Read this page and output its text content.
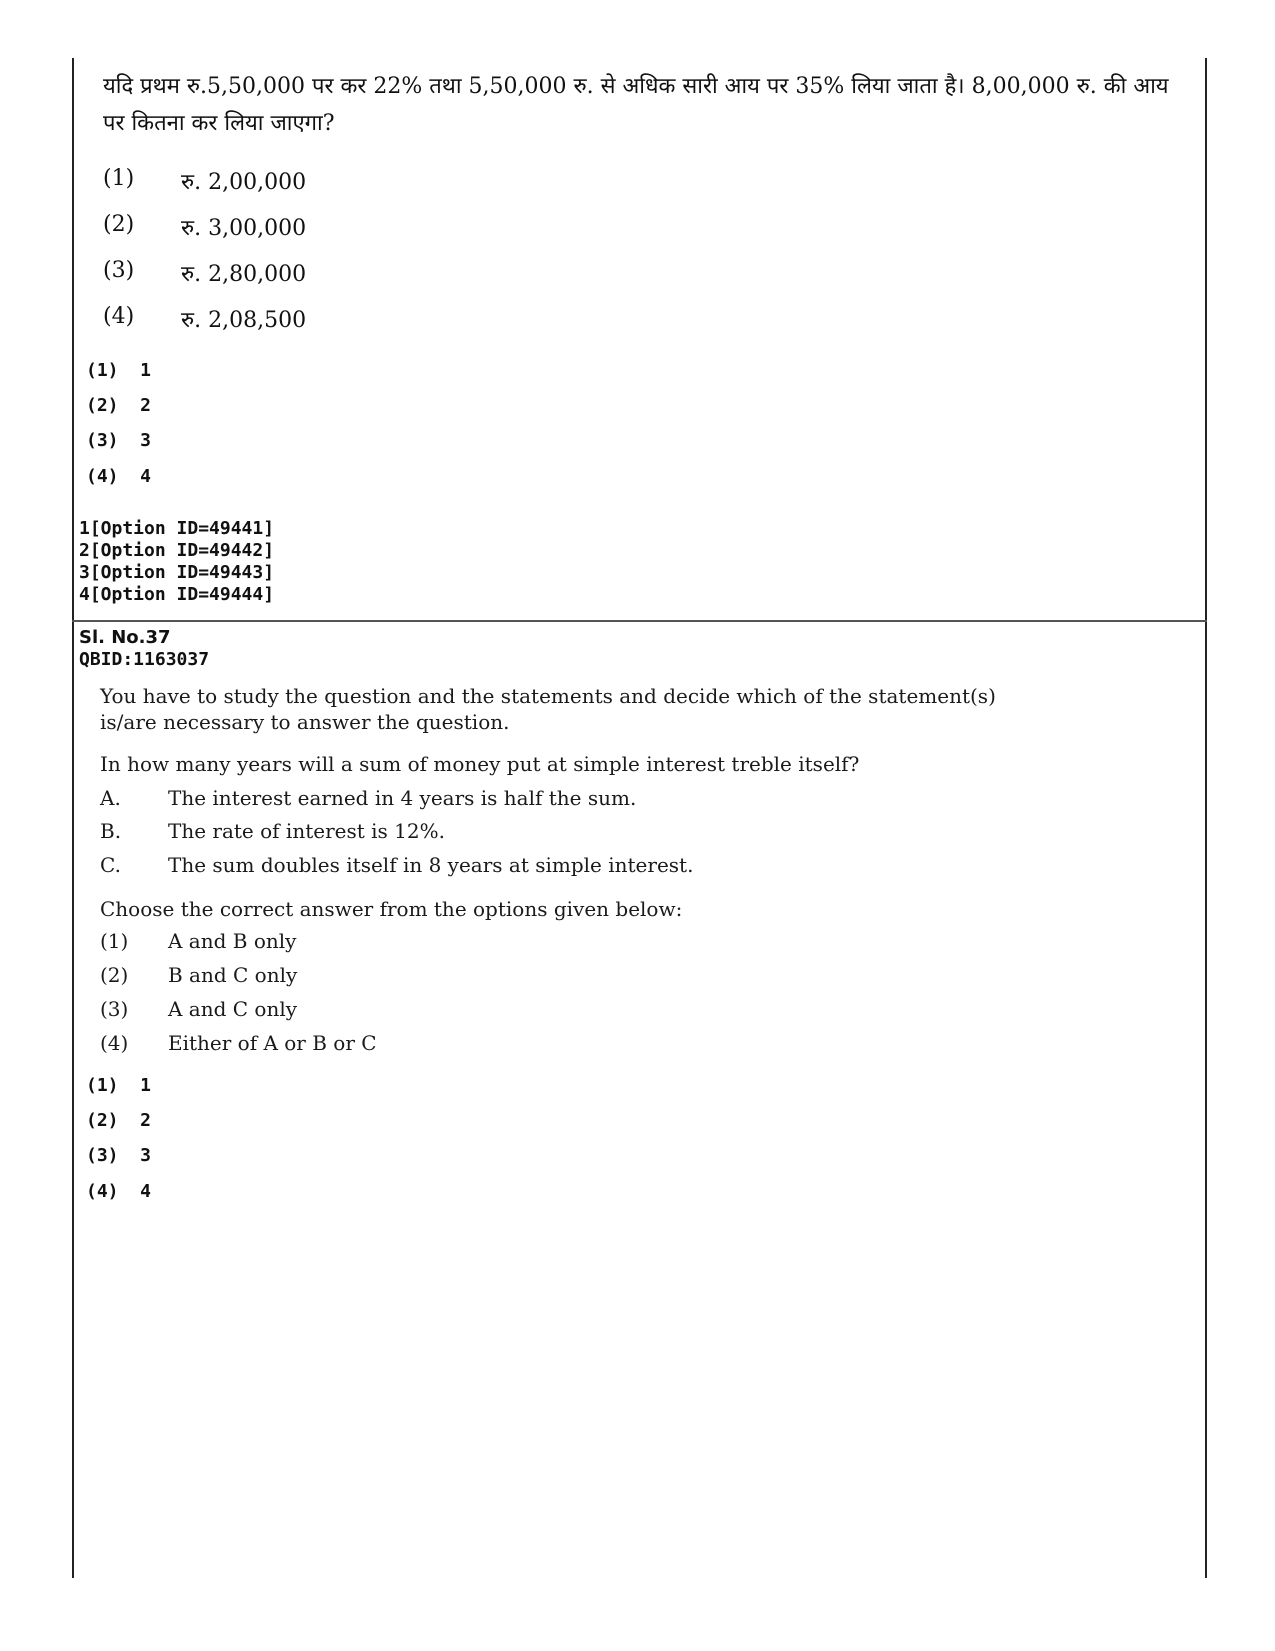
यदि प्रथम रु.5,50,000 पर कर 22% तथा 5,50,000 रु. से अधिक सारी आय पर 35% लिया जाता है। 8,00,000 रु. की आय पर कितना कर लिया जाएगा?
(1) रु. 2,00,000
(2) रु. 3,00,000
(3) रु. 2,80,000
(4) रु. 2,08,500
(1)  1
(2)  2
(3)  3
(4)  4
1[Option ID=49441]
2[Option ID=49442]
3[Option ID=49443]
4[Option ID=49444]
Sl. No.37
QBID:1163037
You have to study the question and the statements and decide which of the statement(s)
is/are necessary to answer the question.
In how many years will a sum of money put at simple interest treble itself?
A. The interest earned in 4 years is half the sum.
B. The rate of interest is 12%.
C. The sum doubles itself in 8 years at simple interest.
Choose the correct answer from the options given below:
(1) A and B only
(2) B and C only
(3) A and C only
(4) Either of A or B or C
(1)  1
(2)  2
(3)  3
(4)  4
